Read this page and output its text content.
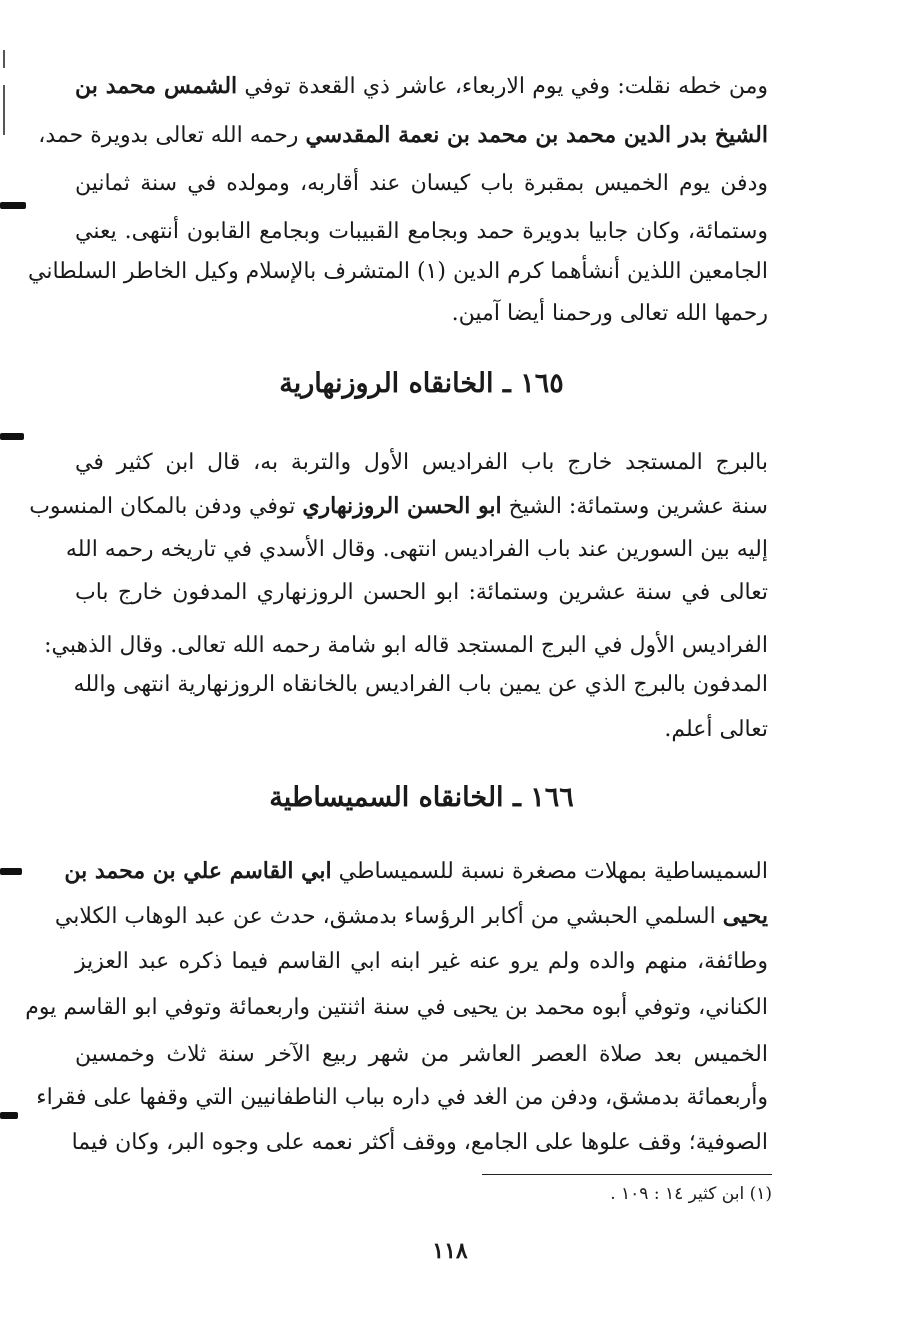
ومن خطه نقلت: وفي يوم الاربعاء، عاشر ذي القعدة توفي الشمس محمد بن
الشيخ بدر الدين محمد بن محمد بن نعمة المقدسي رحمه الله تعالى بدويرة حمد،
ودفن يوم الخميس بمقبرة باب كيسان عند أقاربه، ومولده في سنة ثمانين
وستمائة، وكان جابيا بدويرة حمد وبجامع القبيبات وبجامع القابون أنتهى. يعني
الجامعين اللذين أنشأهما كرم الدين (١) المتشرف بالإسلام وكيل الخاطر السلطاني
رحمها الله تعالى ورحمنا أيضا آمين.
١٦٥ ـ الخانقاه الروزنهارية
بالبرج المستجد خارج باب الفراديس الأول والتربة به، قال ابن كثير في
سنة عشرين وستمائة: الشيخ ابو الحسن الروزنهاري توفي ودفن بالمكان المنسوب
إليه بين السورين عند باب الفراديس انتهى. وقال الأسدي في تاريخه رحمه الله
تعالى في سنة عشرين وستمائة: ابو الحسن الروزنهاري المدفون خارج باب
الفراديس الأول في البرج المستجد قاله ابو شامة رحمه الله تعالى. وقال الذهبي:
المدفون بالبرج الذي عن يمين باب الفراديس بالخانقاه الروزنهارية انتهى والله
تعالى أعلم.
١٦٦ ـ الخانقاه السميساطية
السميساطية بمهلات مصغرة نسبة للسميساطي ابي القاسم علي بن محمد بن
يحيى السلمي الحبشي من أكابر الرؤساء بدمشق، حدث عن عبد الوهاب الكلابي
وطائفة، منهم والده ولم يرو عنه غير ابنه ابي القاسم فيما ذكره عبد العزيز
الكناني، وتوفي أبوه محمد بن يحيى في سنة اثنتين واربعمائة وتوفي ابو القاسم يوم
الخميس بعد صلاة العصر العاشر من شهر ربيع الآخر سنة ثلاث وخمسين
وأربعمائة بدمشق، ودفن من الغد في داره بباب الناطفانيين التي وقفها على فقراء
الصوفية؛ وقف علوها على الجامع، ووقف أكثر نعمه على وجوه البر، وكان فيما
(١) ابن كثير ١٤ : ١٠٩ .
١١٨
